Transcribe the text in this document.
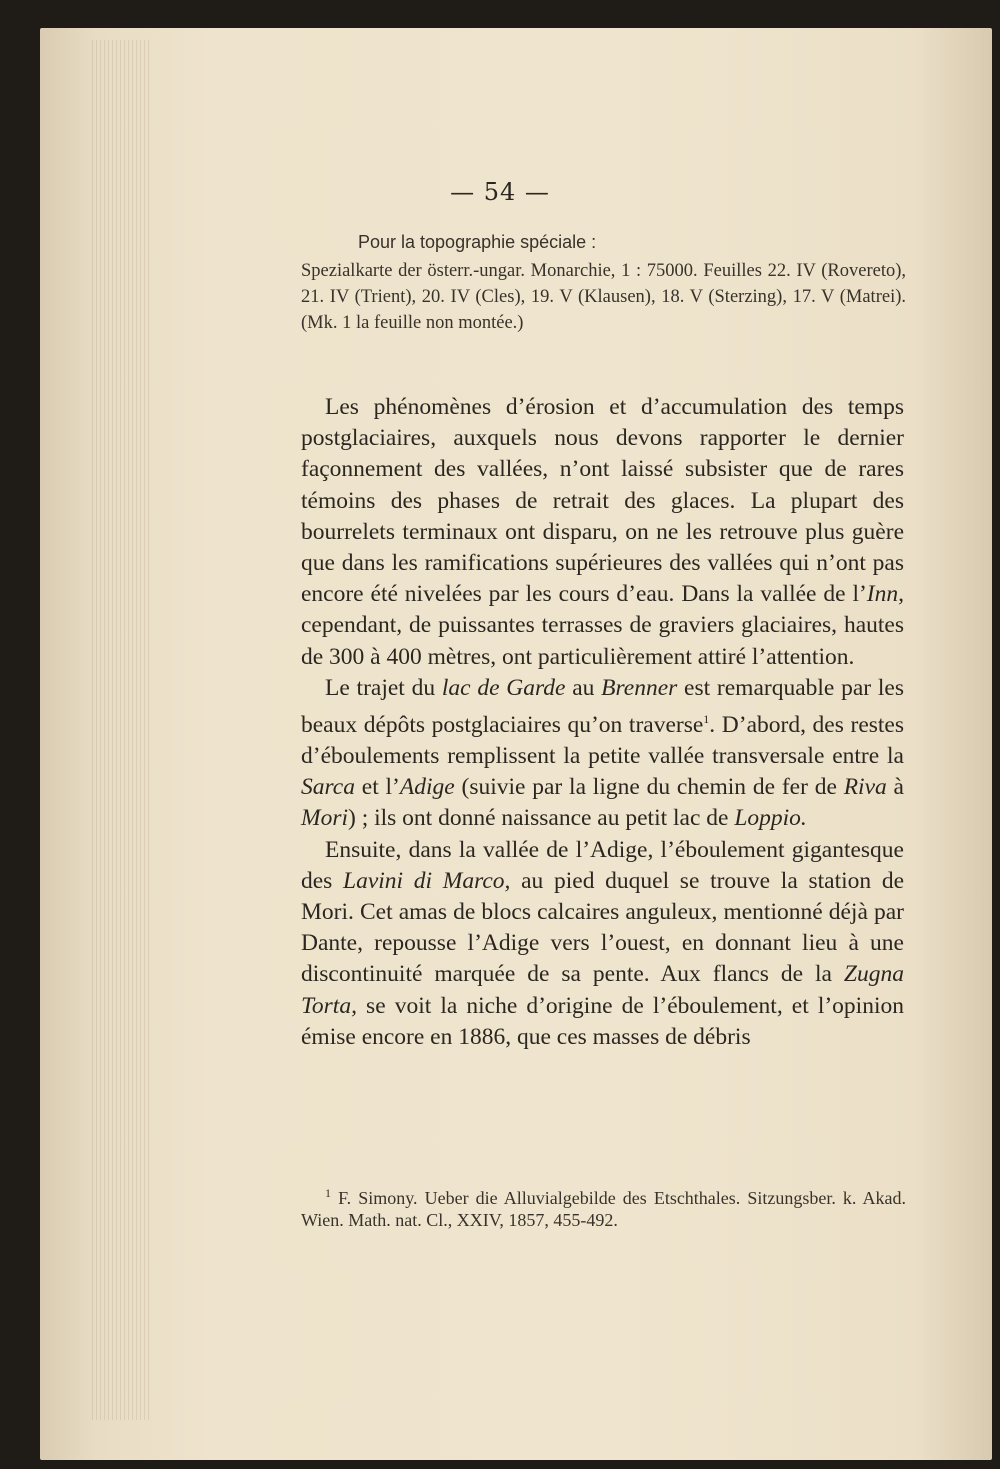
— 54 —
Pour la topographie spéciale :
Spezialkarte der österr.-ungar. Monarchie, 1 : 75000. Feuilles 22. IV (Rovereto), 21. IV (Trient), 20. IV (Cles), 19. V (Klausen), 18. V (Sterzing), 17. V (Matrei). (Mk. 1 la feuille non montée.)

Les phénomènes d’érosion et d’accumulation des temps postglaciaires, auxquels nous devons rapporter le dernier façonnement des vallées, n’ont laissé subsister que de rares témoins des phases de retrait des glaces. La plupart des bourrelets terminaux ont disparu, on ne les retrouve plus guère que dans les ramifications supérieures des vallées qui n’ont pas encore été nivelées par les cours d’eau. Dans la vallée de l’Inn, cependant, de puissantes terrasses de graviers glaciaires, hautes de 300 à 400 mètres, ont particulièrement attiré l’attention.

Le trajet du lac de Garde au Brenner est remarquable par les beaux dépôts postglaciaires qu’on traverse$^1$. D’abord, des restes d’éboulements remplissent la petite vallée transversale entre la Sarca et l’Adige (suivie par la ligne du chemin de fer de Riva à Mori) ; ils ont donné naissance au petit lac de Loppio.

Ensuite, dans la vallée de l’Adige, l’éboulement gigantesque des Lavini di Marco, au pied duquel se trouve la station de Mori. Cet amas de blocs calcaires anguleux, mentionné déjà par Dante, repousse l’Adige vers l’ouest, en donnant lieu à une discontinuité marquée de sa pente. Aux flancs de la Zugna Torta, se voit la niche d’origine de l’éboulement, et l’opinion émise encore en 1886, que ces masses de débris

$^1$ F. Simony. Ueber die Alluvialgebilde des Etschthales. Sitzungsber. k. Akad. Wien. Math. nat. Cl., XXIV, 1857, 455-492.
